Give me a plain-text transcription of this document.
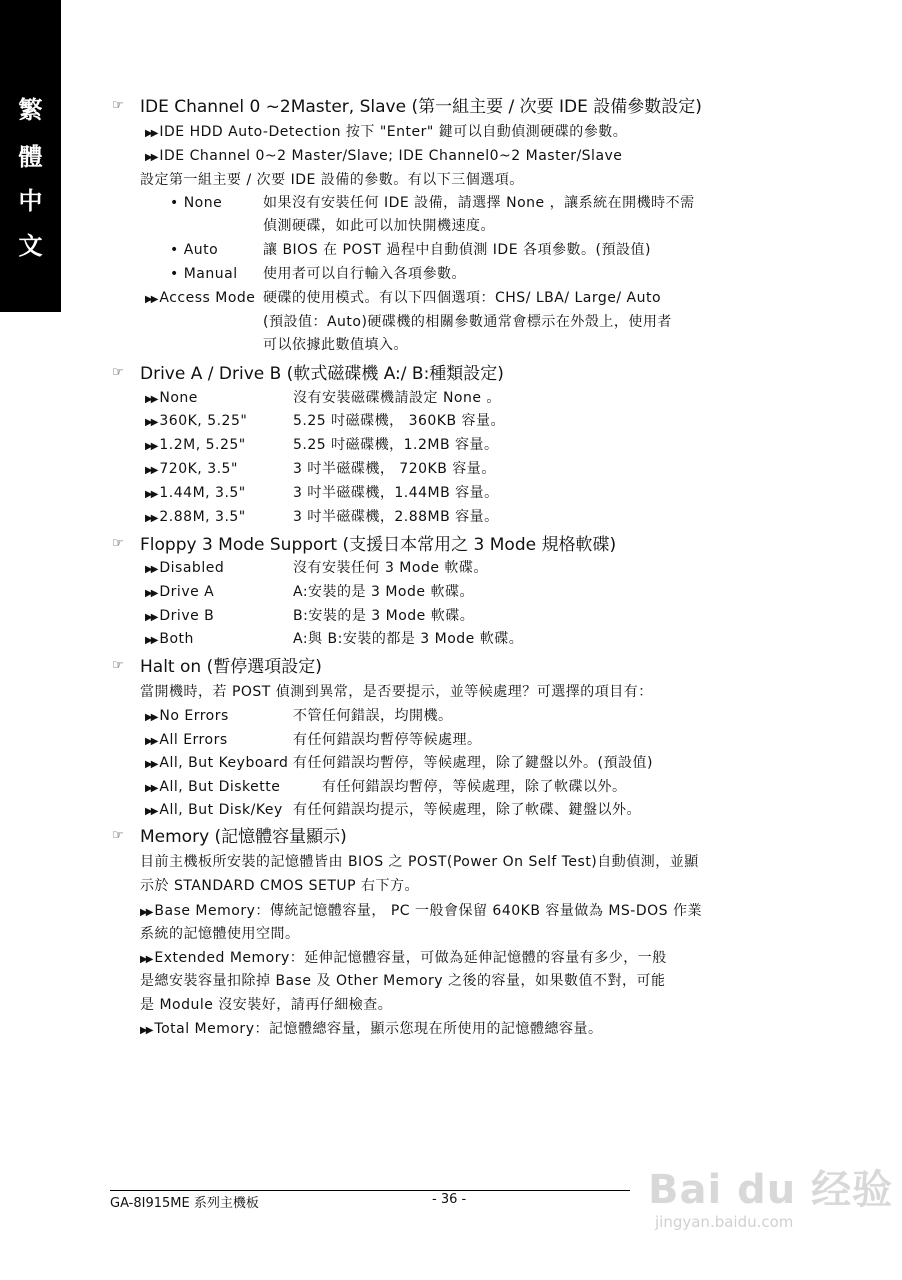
繁
體
中
文
☞ IDE Channel 0 ~2Master, Slave (第一組主要 / 次要 IDE 設備參數設定)
▶▶ IDE HDD Auto-Detection 按下 "Enter" 鍵可以自動偵測硬碟的參數。
▶▶ IDE Channel 0~2 Master/Slave; IDE Channel0~2 Master/Slave
設定第一組主要 / 次要 IDE 設備的參數。有以下三個選項。
• None	如果沒有安裝任何 IDE 設備，請選擇 None ，讓系統在開機時不需
偵測硬碟，如此可以加快開機速度。
• Auto	讓 BIOS 在 POST 過程中自動偵測 IDE 各項參數。(預設值)
• Manual 使用者可以自行輸入各項參數。
▶▶ Access Mode 硬碟的使用模式。有以下四個選項：CHS/ LBA/ Large/ Auto
(預設值：Auto)硬碟機的相關參數通常會標示在外殼上，使用者
可以依據此數值填入。
☞ Drive A / Drive B (軟式磁碟機 A:/ B:種類設定)
▶▶ None	沒有安裝磁碟機請設定 None 。
▶▶ 360K, 5.25"	5.25 吋磁碟機， 360KB 容量。
▶▶ 1.2M, 5.25"	5.25 吋磁碟機，1.2MB 容量。
▶▶ 720K, 3.5"	3 吋半磁碟機， 720KB 容量。
▶▶ 1.44M, 3.5"	3 吋半磁碟機，1.44MB 容量。
▶▶ 2.88M, 3.5"	3 吋半磁碟機，2.88MB 容量。
☞ Floppy 3 Mode Support (支援日本常用之 3 Mode 規格軟碟)
▶▶ Disabled	沒有安裝任何 3 Mode 軟碟。
▶▶ Drive A	A:安裝的是 3 Mode 軟碟。
▶▶ Drive B	B:安裝的是 3 Mode 軟碟。
▶▶ Both	A:與 B:安裝的都是 3 Mode 軟碟。
☞ Halt on (暫停選項設定)
當開機時，若 POST 偵測到異常，是否要提示，並等候處理？可選擇的項目有：
▶▶ No Errors	不管任何錯誤，均開機。
▶▶ All Errors	有任何錯誤均暫停等候處理。
▶▶ All, But Keyboard 有任何錯誤均暫停，等候處理，除了鍵盤以外。(預設值)
▶▶ All, But Diskette	有任何錯誤均暫停，等候處理，除了軟碟以外。
▶▶ All, But Disk/Key 有任何錯誤均提示，等候處理，除了軟碟、鍵盤以外。
☞ Memory (記憶體容量顯示)
目前主機板所安裝的記憶體皆由 BIOS 之 POST(Power On Self Test)自動偵測，並顯
示於 STANDARD CMOS SETUP 右下方。
▶▶ Base Memory：傳統記憶體容量， PC 一般會保留 640KB 容量做為 MS-DOS 作業
系統的記憶體使用空間。
▶▶ Extended Memory：延伸記憶體容量，可做為延伸記憶體的容量有多少，一般
是總安裝容量扣除掉 Base 及 Other Memory 之後的容量，如果數值不對，可能
是 Module 沒安裝好，請再仔細檢查。
▶▶ Total Memory：記憶體總容量，顯示您現在所使用的記憶體總容量。
GA-8I915ME 系列主機板	- 36 -	Bai du 经验
jingyan.baidu.com
